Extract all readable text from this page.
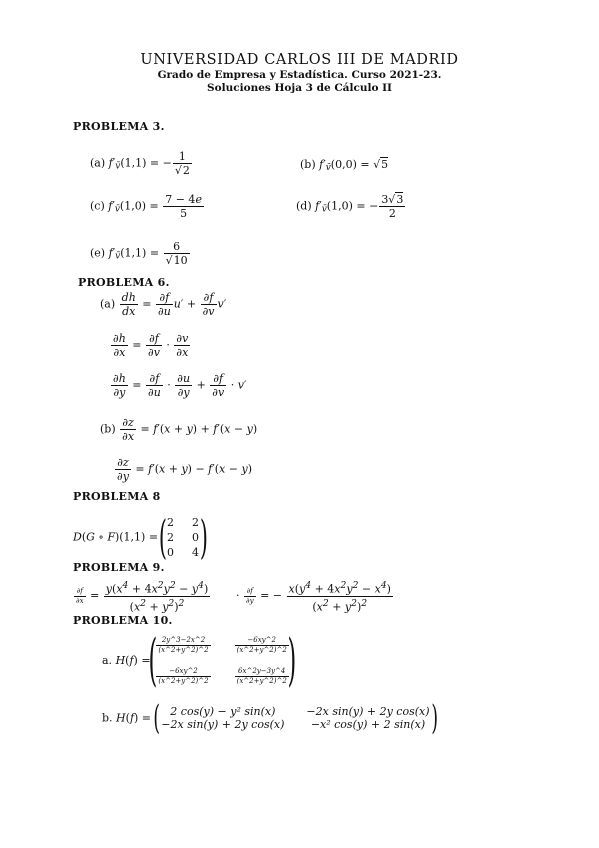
UNIVERSIDAD CARLOS III DE MADRID
Grado de Empresa y Estadística. Curso 2021-23.
Soluciones Hoja 3 de Cálculo II
PROBLEMA 3.
(a) f′v̄(1,1) = − $\frac{1}{√2}$	(b) f′v̄(0,0) = √5
(c) f′v̄(1,0) = $\frac{7 - 4e}{5}$	(d) f′v̄(1,0) = − $\frac{3√3}{2}$
(e) f′v̄(1,1) = $\frac{6}{√10}$
PROBLEMA 6.
$(a) \frac{dh}{dx} = \frac{\partial f}{\partial u} u' + \frac{\partial f}{\partial v} v'$
$\frac{\partial h}{\partial x} = \frac{\partial f}{\partial v} \cdot \frac{\partial v}{\partial x}$
$\frac{\partial h}{\partial y} = \frac{\partial f}{\partial u} \cdot \frac{\partial u}{\partial y} + \frac{\partial f}{\partial v} \cdot v'$
$(b) \frac{\partial z}{\partial x} = f'(x + y) + f'(x - y)$
$\frac{\partial z}{\partial y} = f'(x + y) - f'(x - y)$
PROBLEMA 8
D(G ∘ F)(1,1) = ( 2 2
2 0
0 4 )
PROBLEMA 9.
$\frac{\partial f}{\partial x} = \frac{y(x^4 + 4x^2y^2 - y^4)}{(x^2 + y^2)^2} \cdot \frac{\partial f}{\partial y}$ = − $\frac{x(y^4 + 4x^2y^2 - x^4)}{(x^2 + y^2)^2}$
PROBLEMA 10.
a. H(f) = ( $\frac{2y\^{}3-2x\^{}2}{(x\^{}2+y\^{}2)\^{}2}$	$\frac{-6xy\^{}2}{(x\^{}2+y\^{}2)\^{}2}$
$\frac{-6xy\^{}2}{(x\^{}2+y\^{}2)\^{}2}$	$\frac{6x\^{}2y-3y\^{}4}{(x\^{}2+y\^{}2)\^{}2}$ )
b. H(f) = ( 2 cos(y) − y² sin(x)	−2x sin(y) + 2y cos(x)
−2x sin(y) + 2y cos(x)	−x² cos(y) + 2 sin(x) )
